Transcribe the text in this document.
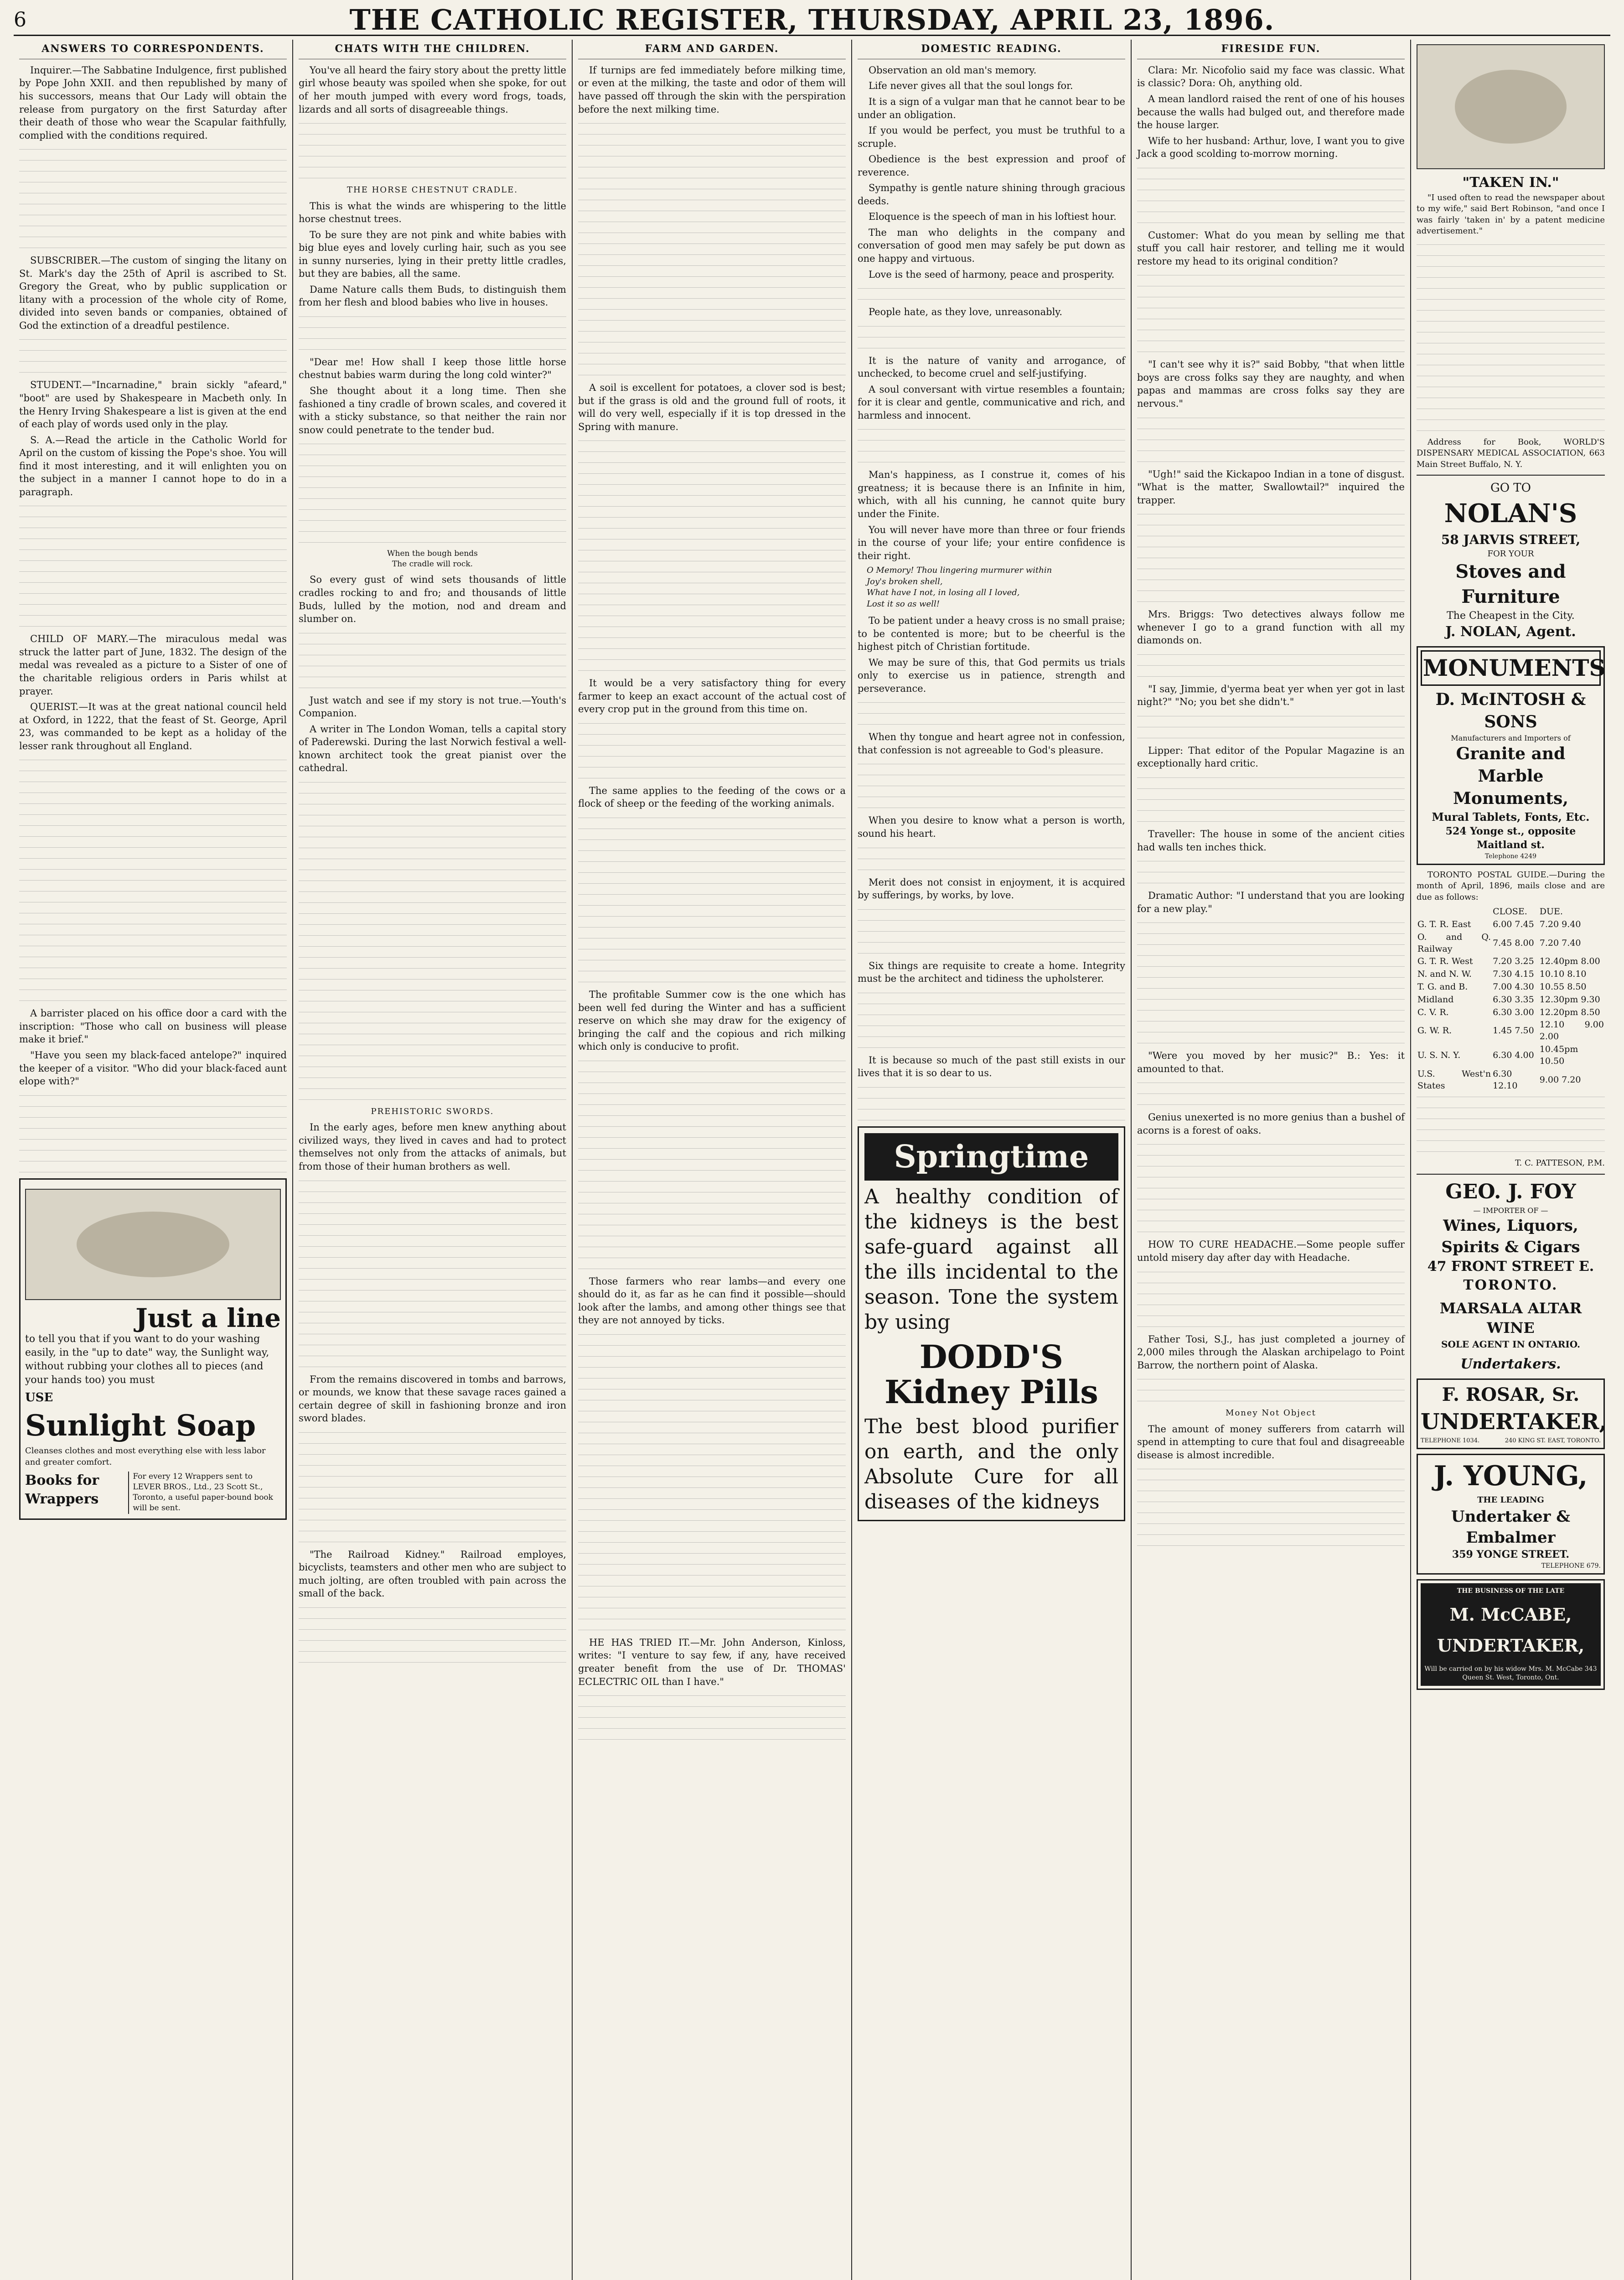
6	THE CATHOLIC REGISTER, THURSDAY, APRIL 23, 1896.
ANSWERS TO CORRESPONDENTS.

Inquirer.—The Sabbatine Indulgence, first published by Pope John XXII. and then republished by many of his successors, means that Our Lady will obtain the release from purgatory on the first Saturday after their death of those who wear the Scapular faithfully, complied with the conditions required.

SUBSCRIBER.—The custom of singing the litany on St. Mark's day the 25th of April is ascribed to St. Gregory the Great, who by public supplication or litany with a procession of the whole city of Rome, divided into seven bands or companies, obtained of God the extinction of a dreadful pestilence.

STUDENT.—"Incarnadine," brain sickly "afeard," "boot" are used by Shakespeare in Macbeth only. In the Henry Irving Shakespeare a list is given at the end of each play of words used only in the play.

S. A.—Read the article in the Catholic World for April on the custom of kissing the Pope's shoe. You will find it most interesting, and it will enlighten you on the subject in a manner I cannot hope to do in a paragraph.

CHILD OF MARY.—The miraculous medal was struck the latter part of June, 1832. The design of the medal was revealed as a picture to a Sister of one of the charitable religious orders in Paris whilst at prayer.

QUERIST.—It was at the great national council held at Oxford, in 1222, that the feast of St. George, April 23, was commanded to be kept as a holiday of the lesser rank throughout all England.

A barrister placed on his office door a card with the inscription: "Those who call on business will please make it brief."

"Have you seen my black-faced antelope?" inquired the keeper of a visitor. "Who did your black-faced aunt elope with?"

Just a line
to tell you that if you want to do your washing easily, in the "up to date" way, the Sunlight way, without rubbing your clothes all to pieces (and your hands too) you must
USE
Sunlight Soap
Cleanses clothes and most everything else with less labor and greater comfort.
Books for Wrappers
For every 12 Wrappers sent to LEVER BROS., Ltd., 23 Scott St., Toronto, a useful paper-bound book will be sent.
CHATS WITH THE CHILDREN.

You've all heard the fairy story about the pretty little girl whose beauty was spoiled when she spoke, for out of her mouth jumped with every word frogs, toads, lizards and all sorts of disagreeable things.

THE HORSE CHESTNUT CRADLE.

This is what the winds are whispering to the little horse chestnut trees.

To be sure they are not pink and white babies with big blue eyes and lovely curling hair, such as you see in sunny nurseries, lying in their pretty little cradles, but they are babies, all the same.

Dame Nature calls them Buds, to distinguish them from her flesh and blood babies who live in houses.

"Dear me! How shall I keep those little horse chestnut babies warm during the long cold winter?"

She thought about it a long time. Then she fashioned a tiny cradle of brown scales, and covered it with a sticky substance, so that neither the rain nor snow could penetrate to the tender bud.

When the bough bends
The cradle will rock.

So every gust of wind sets thousands of little cradles rocking to and fro; and thousands of little Buds, lulled by the motion, nod and dream and slumber on.

Just watch and see if my story is not true.—Youth's Companion.

A writer in The London Woman, tells a capital story of Paderewski. During the last Norwich festival a well-known architect took the great pianist over the cathedral.

PREHISTORIC SWORDS.

In the early ages, before men knew anything about civilized ways, they lived in caves and had to protect themselves not only from the attacks of animals, but from those of their human brothers as well.

From the remains discovered in tombs and barrows, or mounds, we know that these savage races gained a certain degree of skill in fashioning bronze and iron sword blades.

"The Railroad Kidney." Railroad employes, bicyclists, teamsters and other men who are subject to much jolting, are often troubled with pain across the small of the back.

FARM AND GARDEN.

If turnips are fed immediately before milking time, or even at the milking, the taste and odor of them will have passed off through the skin with the perspiration before the next milking time.

A soil is excellent for potatoes, a clover sod is best; but if the grass is old and the ground full of roots, it will do very well, especially if it is top dressed in the Spring with manure.

It would be a very satisfactory thing for every farmer to keep an exact account of the actual cost of every crop put in the ground from this time on.

The same applies to the feeding of the cows or a flock of sheep or the feeding of the working animals.

The profitable Summer cow is the one which has been well fed during the Winter and has a sufficient reserve on which she may draw for the exigency of bringing the calf and the copious and rich milking which only is conducive to profit.

Those farmers who rear lambs—and every one should do it, as far as he can find it possible—should look after the lambs, and among other things see that they are not annoyed by ticks.

HE HAS TRIED IT.—Mr. John Anderson, Kinloss, writes: "I venture to say few, if any, have received greater benefit from the use of Dr. THOMAS' ECLECTRIC OIL than I have."

DOMESTIC READING.

Observation an old man's memory.

Life never gives all that the soul longs for.

It is a sign of a vulgar man that he cannot bear to be under an obligation.

If you would be perfect, you must be truthful to a scruple.

Obedience is the best expression and proof of reverence.

Sympathy is gentle nature shining through gracious deeds.

Eloquence is the speech of man in his loftiest hour.

The man who delights in the company and conversation of good men may safely be put down as one happy and virtuous.

Love is the seed of harmony, peace and prosperity.

People hate, as they love, unreasonably.

It is the nature of vanity and arrogance, of unchecked, to become cruel and self-justifying.

A soul conversant with virtue resembles a fountain; for it is clear and gentle, communicative and rich, and harmless and innocent.

Man's happiness, as I construe it, comes of his greatness; it is because there is an Infinite in him, which, with all his cunning, he cannot quite bury under the Finite.

You will never have more than three or four friends in the course of your life; your entire confidence is their right.

O Memory! Thou lingering murmurer within
Joy's broken shell,
What have I not, in losing all I loved,
Lost it so as well!

To be patient under a heavy cross is no small praise; to be contented is more; but to be cheerful is the highest pitch of Christian fortitude.

We may be sure of this, that God permits us trials only to exercise us in patience, strength and perseverance.

When thy tongue and heart agree not in confession, that confession is not agreeable to God's pleasure.

When you desire to know what a person is worth, sound his heart.

Merit does not consist in enjoyment, it is acquired by sufferings, by works, by love.

Six things are requisite to create a home. Integrity must be the architect and tidiness the upholsterer.

It is because so much of the past still exists in our lives that it is so dear to us.

Springtime
A healthy condition of the kidneys is the best safe-guard against all the ills incidental to the season. Tone the system by using
DODD'S Kidney Pills
The best blood purifier on earth, and the only Absolute Cure for all diseases of the kidneys
FIRESIDE FUN.

Clara: Mr. Nicofolio said my face was classic. What is classic? Dora: Oh, anything old.

A mean landlord raised the rent of one of his houses because the walls had bulged out, and therefore made the house larger.

Wife to her husband: Arthur, love, I want you to give Jack a good scolding to-morrow morning.

Customer: What do you mean by selling me that stuff you call hair restorer, and telling me it would restore my head to its original condition?

"I can't see why it is?" said Bobby, "that when little boys are cross folks say they are naughty, and when papas and mammas are cross folks say they are nervous."

"Ugh!" said the Kickapoo Indian in a tone of disgust. "What is the matter, Swallowtail?" inquired the trapper.

Mrs. Briggs: Two detectives always follow me whenever I go to a grand function with all my diamonds on.

"I say, Jimmie, d'yerma beat yer when yer got in last night?" "No; you bet she didn't."

Lipper: That editor of the Popular Magazine is an exceptionally hard critic.

Traveller: The house in some of the ancient cities had walls ten inches thick.

Dramatic Author: "I understand that you are looking for a new play."

"Were you moved by her music?" B.: Yes: it amounted to that.

Genius unexerted is no more genius than a bushel of acorns is a forest of oaks.

HOW TO CURE HEADACHE.—Some people suffer untold misery day after day with Headache.

Father Tosi, S.J., has just completed a journey of 2,000 miles through the Alaskan archipelago to Point Barrow, the northern point of Alaska.

Money Not Object

The amount of money sufferers from catarrh will spend in attempting to cure that foul and disagreeable disease is almost incredible.

"TAKEN IN."

"I used often to read the newspaper about to my wife," said Bert Robinson, "and once I was fairly 'taken in' by a patent medicine advertisement."

Address for Book, WORLD'S DISPENSARY MEDICAL ASSOCIATION, 663 Main Street Buffalo, N. Y.

GO TO
NOLAN'S
58 JARVIS STREET,
FOR YOUR
Stoves and Furniture
The Cheapest in the City.
J. NOLAN, Agent.
MONUMENTS
D. McINTOSH & SONS
Manufacturers and Importers of
Granite and Marble Monuments,
Mural Tablets, Fonts, Etc.
524 Yonge st., opposite Maitland st.
Telephone 4249

TORONTO POSTAL GUIDE.—During the month of April, 1896, mails close and are due as follows:

	CLOSE.	DUE.
G. T. R. East	6.00 7.45	7.20 9.40
O. and Q. Railway	7.45 8.00	7.20 7.40
G. T. R. West	7.20 3.25	12.40pm 8.00
N. and N. W.	7.30 4.15	10.10 8.10
T. G. and B.	7.00 4.30	10.55 8.50
Midland	6.30 3.35	12.30pm 9.30
C. V. R.	6.30 3.00	12.20pm 8.50
G. W. R.	1.45 7.50	12.10 9.00 2.00
U. S. N. Y.	6.30 4.00	10.45pm 10.50
U.S. West'n States	6.30 12.10	9.00 7.20
T. C. PATTESON, P.M.
GEO. J. FOY
— IMPORTER OF —
Wines, Liquors, Spirits & Cigars
47 FRONT STREET E.
TORONTO.
MARSALA ALTAR WINE
SOLE AGENT IN ONTARIO.
Undertakers.
F. ROSAR, Sr.
UNDERTAKER,
TELEPHONE 1034.	240 KING ST. EAST, TORONTO.
J. YOUNG,
THE LEADING
Undertaker & Embalmer
359 YONGE STREET.
TELEPHONE 679.
THE BUSINESS OF THE LATE
M. McCABE,
UNDERTAKER,
Will be carried on by his widow Mrs. M. McCabe 343 Queen St. West, Toronto, Ont.
